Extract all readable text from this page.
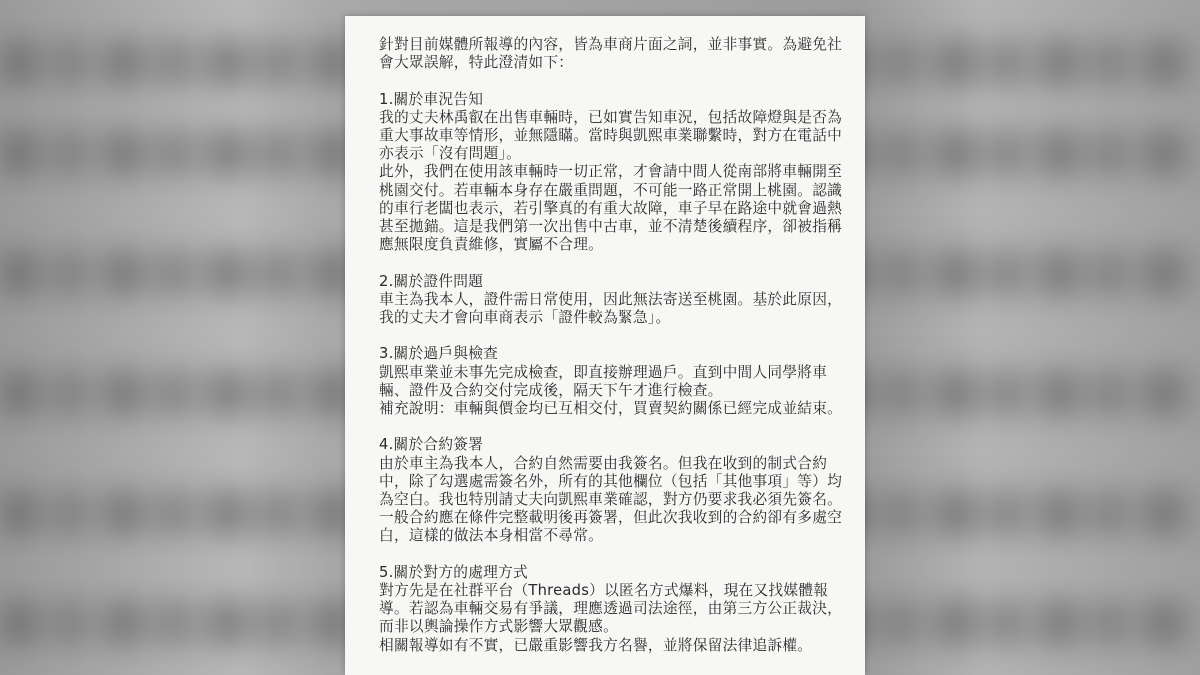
針對目前媒體所報導的內容，皆為車商片面之詞，並非事實。為避免社會大眾誤解，特此澄清如下：

1.關於車況告知

我的丈夫林禹叡在出售車輛時，已如實告知車況，包括故障燈與是否為重大事故車等情形，並無隱瞞。當時與凱熙車業聯繫時，對方在電話中亦表示「沒有問題」。

此外，我們在使用該車輛時一切正常，才會請中間人從南部將車輛開至桃園交付。若車輛本身存在嚴重問題，不可能一路正常開上桃園。認識的車行老闆也表示，若引擎真的有重大故障，車子早在路途中就會過熱甚至拋錨。這是我們第一次出售中古車，並不清楚後續程序，卻被指稱應無限度負責維修，實屬不合理。

2.關於證件問題

車主為我本人，證件需日常使用，因此無法寄送至桃園。基於此原因，我的丈夫才會向車商表示「證件較為緊急」。

3.關於過戶與檢查

凱熙車業並未事先完成檢查，即直接辦理過戶。直到中間人同學將車輛、證件及合約交付完成後，隔天下午才進行檢查。

補充說明：車輛與價金均已互相交付，買賣契約關係已經完成並結束。

4.關於合約簽署

由於車主為我本人，合約自然需要由我簽名。但我在收到的制式合約中，除了勾選處需簽名外，所有的其他欄位（包括「其他事項」等）均為空白。我也特別請丈夫向凱熙車業確認，對方仍要求我必須先簽名。一般合約應在條件完整載明後再簽署，但此次我收到的合約卻有多處空白，這樣的做法本身相當不尋常。

5.關於對方的處理方式

對方先是在社群平台（Threads）以匿名方式爆料，現在又找媒體報導。若認為車輛交易有爭議，理應透過司法途徑，由第三方公正裁決，而非以輿論操作方式影響大眾觀感。

相關報導如有不實，已嚴重影響我方名譽，並將保留法律追訴權。
